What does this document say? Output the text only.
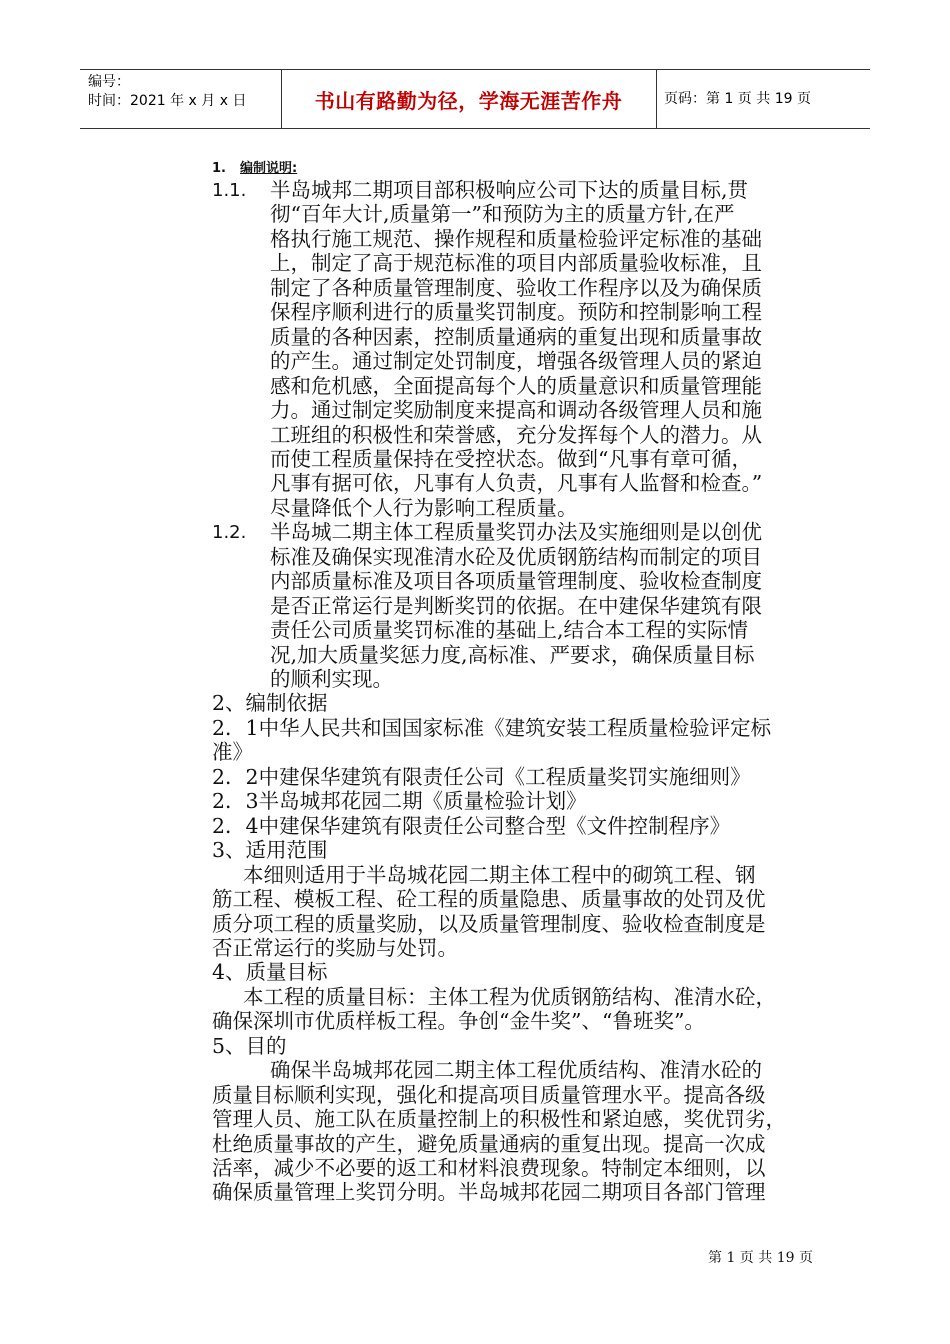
编号：
时间：2021 年 x 月 x 日	书山有路勤为径，学海无涯苦作舟	页码：第 1 页 共 19 页
1. 编制说明:
1.1. 半岛城邦二期项目部积极响应公司下达的质量目标,贯
彻“百年大计,质量第一”和预防为主的质量方针,在严
格执行施工规范、操作规程和质量检验评定标准的基础
上，制定了高于规范标准的项目内部质量验收标准，且
制定了各种质量管理制度、验收工作程序以及为确保质
保程序顺利进行的质量奖罚制度。预防和控制影响工程
质量的各种因素，控制质量通病的重复出现和质量事故
的产生。通过制定处罚制度，增强各级管理人员的紧迫
感和危机感，全面提高每个人的质量意识和质量管理能
力。通过制定奖励制度来提高和调动各级管理人员和施
工班组的积极性和荣誉感，充分发挥每个人的潜力。从
而使工程质量保持在受控状态。做到“凡事有章可循，
凡事有据可依，凡事有人负责，凡事有人监督和检查。”
尽量降低个人行为影响工程质量。
1.2. 半岛城二期主体工程质量奖罚办法及实施细则是以创优
标准及确保实现准清水砼及优质钢筋结构而制定的项目
内部质量标准及项目各项质量管理制度、验收检查制度
是否正常运行是判断奖罚的依据。在中建保华建筑有限
责任公司质量奖罚标准的基础上,结合本工程的实际情
况,加大质量奖惩力度,高标准、严要求，确保质量目标
的顺利实现。
2、编制依据
2．1中华人民共和国国家标准《建筑安装工程质量检验评定标
准》
2．2中建保华建筑有限责任公司《工程质量奖罚实施细则》
2．3半岛城邦花园二期《质量检验计划》
2．4中建保华建筑有限责任公司整合型《文件控制程序》
3、适用范围
本细则适用于半岛城花园二期主体工程中的砌筑工程、钢
筋工程、模板工程、砼工程的质量隐患、质量事故的处罚及优
质分项工程的质量奖励，以及质量管理制度、验收检查制度是
否正常运行的奖励与处罚。
4、质量目标
本工程的质量目标：主体工程为优质钢筋结构、准清水砼，
确保深圳市优质样板工程。争创“金牛奖”、“鲁班奖”。
5、目的
确保半岛城邦花园二期主体工程优质结构、准清水砼的
质量目标顺利实现，强化和提高项目质量管理水平。提高各级
管理人员、施工队在质量控制上的积极性和紧迫感，奖优罚劣，
杜绝质量事故的产生，避免质量通病的重复出现。提高一次成
活率，减少不必要的返工和材料浪费现象。特制定本细则，以
确保质量管理上奖罚分明。半岛城邦花园二期项目各部门管理
第 1 页 共 19 页
